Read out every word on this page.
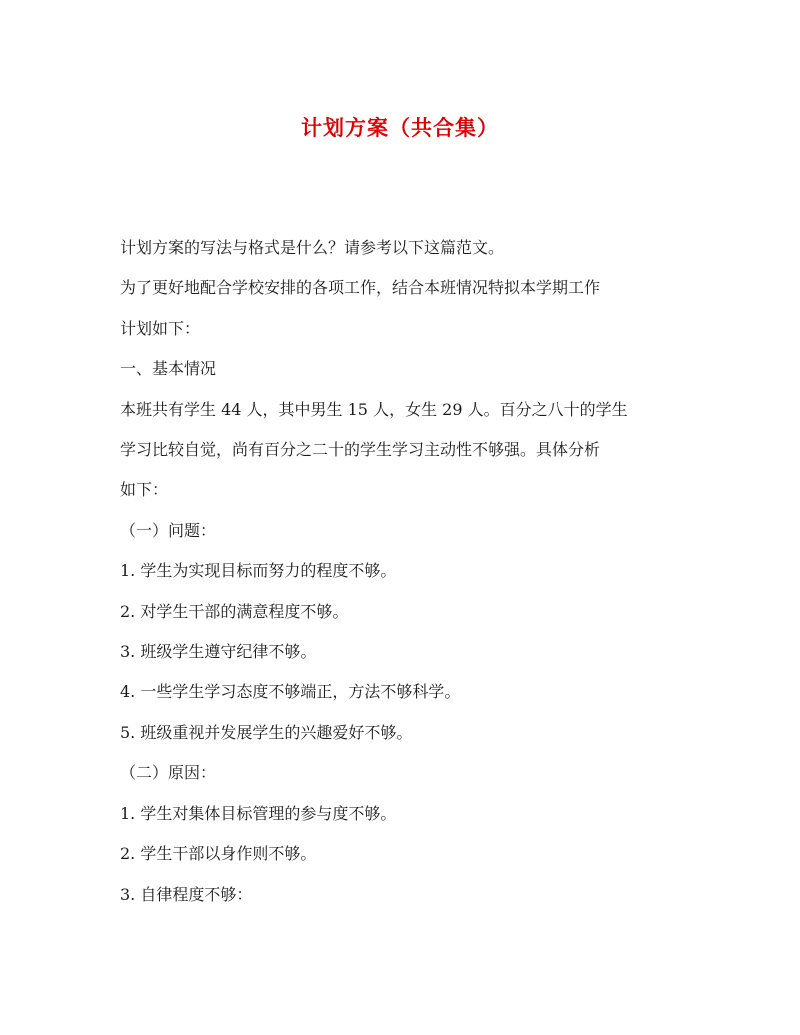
计划方案（共合集）

计划方案的写法与格式是什么？请参考以下这篇范文。

为了更好地配合学校安排的各项工作，结合本班情况特拟本学期工作

计划如下：

一、基本情况

本班共有学生 44 人，其中男生 15 人，女生 29 人。百分之八十的学生

学习比较自觉，尚有百分之二十的学生学习主动性不够强。具体分析

如下：

（一）问题：

1. 学生为实现目标而努力的程度不够。

2. 对学生干部的满意程度不够。

3. 班级学生遵守纪律不够。

4. 一些学生学习态度不够端正，方法不够科学。

5. 班级重视并发展学生的兴趣爱好不够。

（二）原因：

1. 学生对集体目标管理的参与度不够。

2. 学生干部以身作则不够。

3. 自律程度不够：
